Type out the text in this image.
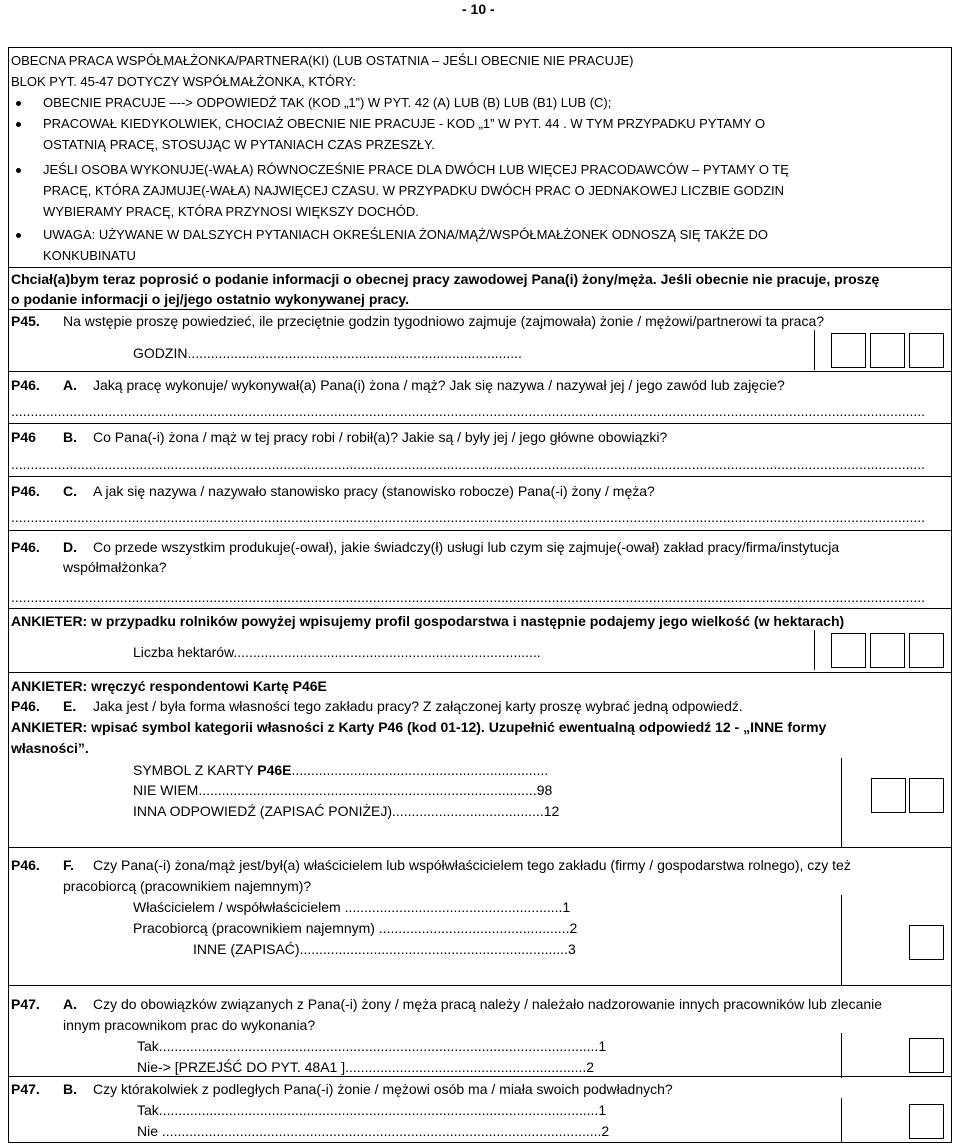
- 10 -
OBECNA PRACA WSPÓŁMAŁŻONKA/PARTNERA(KI) (LUB OSTATNIA – JEŚLI OBECNIE NIE PRACUJE)
BLOK PYT. 45-47 DOTYCZY WSPÓŁMAŁŻONKA, KTÓRY:
OBECNIE PRACUJE –--> ODPOWIEDŹ TAK (KOD „1”) W PYT. 42 (A) LUB (B) LUB (B1) LUB (C);
PRACOWAŁ KIEDYKOLWIEK, CHOCIAŻ OBECNIE NIE PRACUJE - KOD „1” W PYT. 44 . W TYM PRZYPADKU PYTAMY O
OSTATNIĄ PRACĘ, STOSUJĄC W PYTANIACH CZAS PRZESZŁY.
JEŚLI OSOBA WYKONUJE(-WAŁA) RÓWNOCZEŚNIE PRACE DLA DWÓCH LUB WIĘCEJ PRACODAWCÓW – PYTAMY O TĘ
PRACĘ, KTÓRA ZAJMUJE(-WAŁA) NAJWIĘCEJ CZASU. W PRZYPADKU DWÓCH PRAC O JEDNAKOWEJ LICZBIE GODZIN
WYBIERAMY PRACĘ, KTÓRA PRZYNOSI WIĘKSZY DOCHÓD.
UWAGA: UŻYWANE W DALSZYCH PYTANIACH OKREŚLENIA ŻONA/MĄŻ/WSPÓŁMAŁŻONEK ODNOSZĄ SIĘ TAKŻE DO
KONKUBINATU
Chciał(a)bym teraz poprosić o podanie informacji o obecnej pracy zawodowej Pana(i) żony/męża. Jeśli obecnie nie pracuje, proszę
o podanie informacji o jej/jego ostatnio wykonywanej pracy.
P45. Na wstępie proszę powiedzieć, ile przeciętnie godzin tygodniowo zajmuje (zajmowała) żonie / mężowi/partnerowi ta praca?
GODZIN......................................................................................
P46. A. Jaką pracę wykonuje/ wykonywał(a) Pana(i) żona / mąż? Jak się nazywa / nazywał jej / jego zawód lub zajęcie?
...........................................................................................................................................................................................................................................
P46 B. Co Pana(-i) żona / mąż w tej pracy robi / robił(a)? Jakie są / były jej / jego główne obowiązki?
...........................................................................................................................................................................................................................................
P46. C. A jak się nazywa / nazywało stanowisko pracy (stanowisko robocze) Pana(-i) żony / męża?
...........................................................................................................................................................................................................................................
P46. D. Co przede wszystkim produkuje(-ował), jakie świadczy(ł) usługi lub czym się zajmuje(-ował) zakład pracy/firma/instytucja
współmałżonka?
...........................................................................................................................................................................................................................................
ANKIETER: w przypadku rolników powyżej wpisujemy profil gospodarstwa i następnie podajemy jego wielkość (w hektarach)
Liczba hektarów...............................................................................
ANKIETER: wręczyć respondentowi Kartę P46E
P46. E. Jaka jest / była forma własności tego zakładu pracy? Z załączonej karty proszę wybrać jedną odpowiedź.
ANKIETER: wpisać symbol kategorii własności z Karty P46 (kod 01-12). Uzupełnić ewentualną odpowiedź 12 - „INNE formy
własności”.
SYMBOL Z KARTY P46E..................................................................
NIE WIEM.......................................................................................98
INNA ODPOWIEDŹ (ZAPISAĆ PONIŻEJ).......................................12
P46. F. Czy Pana(-i) żona/mąż jest/był(a) właścicielem lub współwłaścicielem tego zakładu (firmy / gospodarstwa rolnego), czy też
pracobiorcą (pracownikiem najemnym)?
Właścicielem / współwłaścicielem ........................................................1
Pracobiorcą (pracownikiem najemnym) .................................................2
INNE (ZAPISAĆ).....................................................................3
P47. A. Czy do obowiązków związanych z Pana(-i) żony / męża pracą należy / należało nadzorowanie innych pracowników lub zlecanie
innym pracownikom prac do wykonania?
Tak.................................................................................................................1
Nie-> [PRZEJŚĆ DO PYT. 48A1 ]..............................................................2
P47. B. Czy którakolwiek z podległych Pana(-i) żonie / mężowi osób ma / miała swoich podwładnych?
Tak.................................................................................................................1
Nie .................................................................................................................2
